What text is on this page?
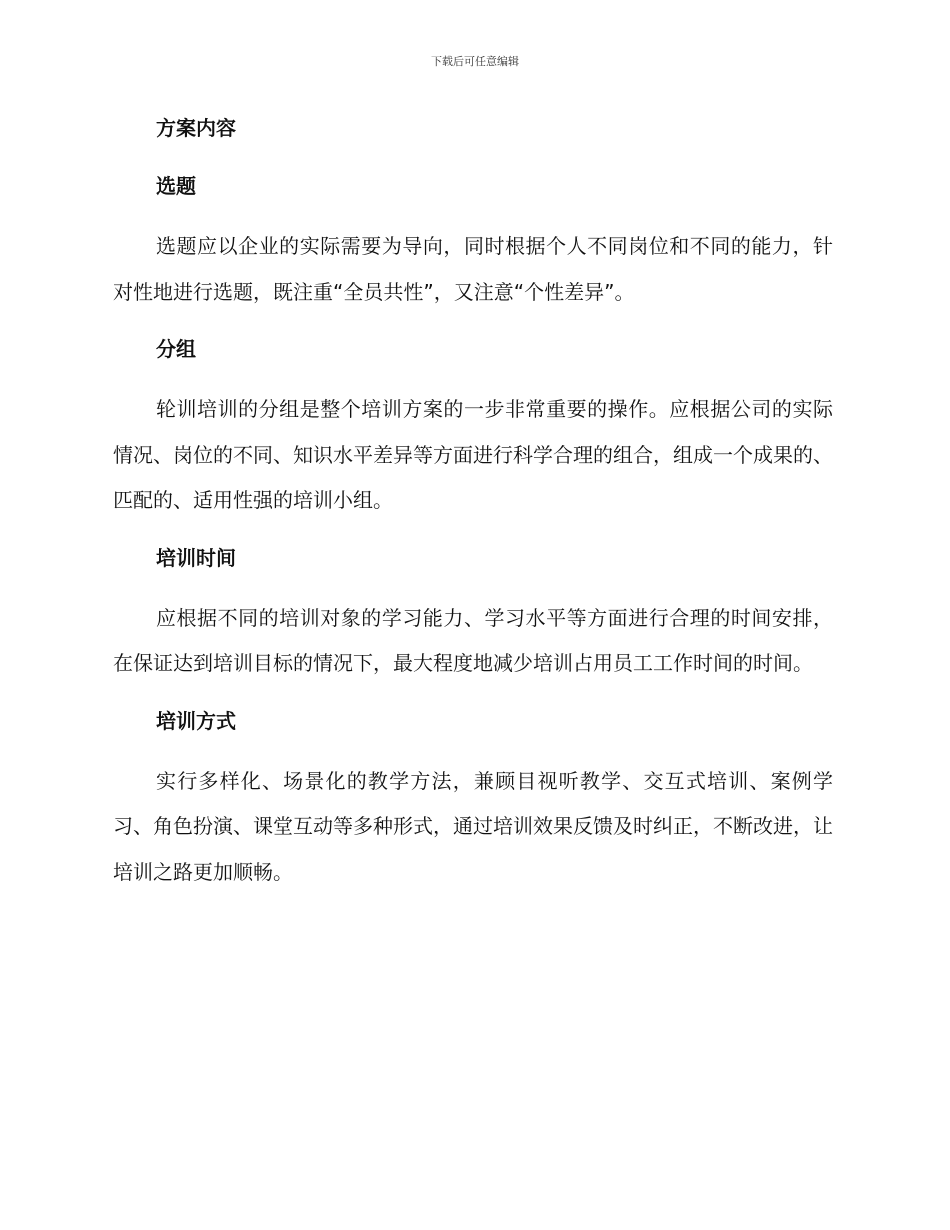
下载后可任意编辑
方案内容
选题

选题应以企业的实际需要为导向，同时根据个人不同岗位和不同的能力，针对性地进行选题，既注重“全员共性”，又注意“个性差异”。

分组

轮训培训的分组是整个培训方案的一步非常重要的操作。应根据公司的实际情况、岗位的不同、知识水平差异等方面进行科学合理的组合，组成一个成果的、匹配的、适用性强的培训小组。

培训时间

应根据不同的培训对象的学习能力、学习水平等方面进行合理的时间安排，在保证达到培训目标的情况下，最大程度地减少培训占用员工工作时间的时间。

培训方式

实行多样化、场景化的教学方法，兼顾目视听教学、交互式培训、案例学习、角色扮演、课堂互动等多种形式，通过培训效果反馈及时纠正，不断改进，让培训之路更加顺畅。
